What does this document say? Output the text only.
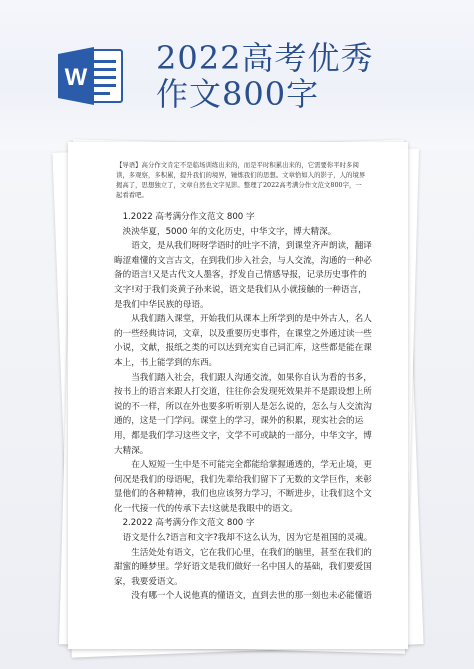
W
2022高考优秀
作文800字
【导语】高分作文肯定不是临场训练出来的，而是平时积累出来的，它需要你平时多阅读，多观察，多积累，提升我们的境界，锤炼我们的思想。文章恰如人的影子，人的境界揭高了，思想独立了，文章自然也文字见影。整理了2022高考满分作文范文800字，一起看看吧。

1.2022 高考满分作文范文 800 字

泱泱华夏，5000 年的文化历史，中华文字，博大精深。

语文，是从我们呀呀学语时的吐字不清，到课堂齐声朗读，翻译晦涩难懂的文言古文，在到我们步入社会，与人交流，沟通的一种必备的语言!又是古代文人墨客，抒发自己情感导报，记录历史事件的文字!对于我们炎黄子孙来说，语文是我们从小就接触的一种语言，是我们中华民族的母语。

从我们踏入课堂，开始我们从课本上所学到的是中外古人，名人的一些经典诗词，文章，以及重要历史事件，在课堂之外通过读一些小说，文献，报纸之类的可以达到充实自己词汇库，这些都是能在课本上，书上能学到的东西。

当我们踏入社会，我们跟人沟通交流，如果你自认为看的书多，按书上的语言来跟人打交道，往往你会发现死效果并不是跟设想上所说的不一样，所以在外也要多听听别人是怎么说的，怎么与人交流沟通的，这是一门学问。课堂上的学习，课外的积累，现实社会的运用，都是我们学习这些文字，文学不可或缺的一部分，中华文字，博大精深。

在人短短一生中是不可能完全都能给掌握通透的，学无止境，更何况是我们的母语呢，我们先辈给我们留下了无数的文学巨作，来彰显他们的各种精神，我们也应该努力学习，不断进步，让我们这个文化一代接一代的传承下去!这就是我眼中的语文。

2.2022 高考满分作文范文 800 字

语文是什么?语言和文字?我却不这么认为，因为它是祖国的灵魂。

生活处处有语文，它在我们心里，在我们的脑里，甚至在我们的甜蜜的睡梦里。学好语文是我们做好一名中国人的基础，我们要爱国家，我要爱语文。

没有哪一个人说他真的懂语文，直到去世的那一刻也未必能懂语
